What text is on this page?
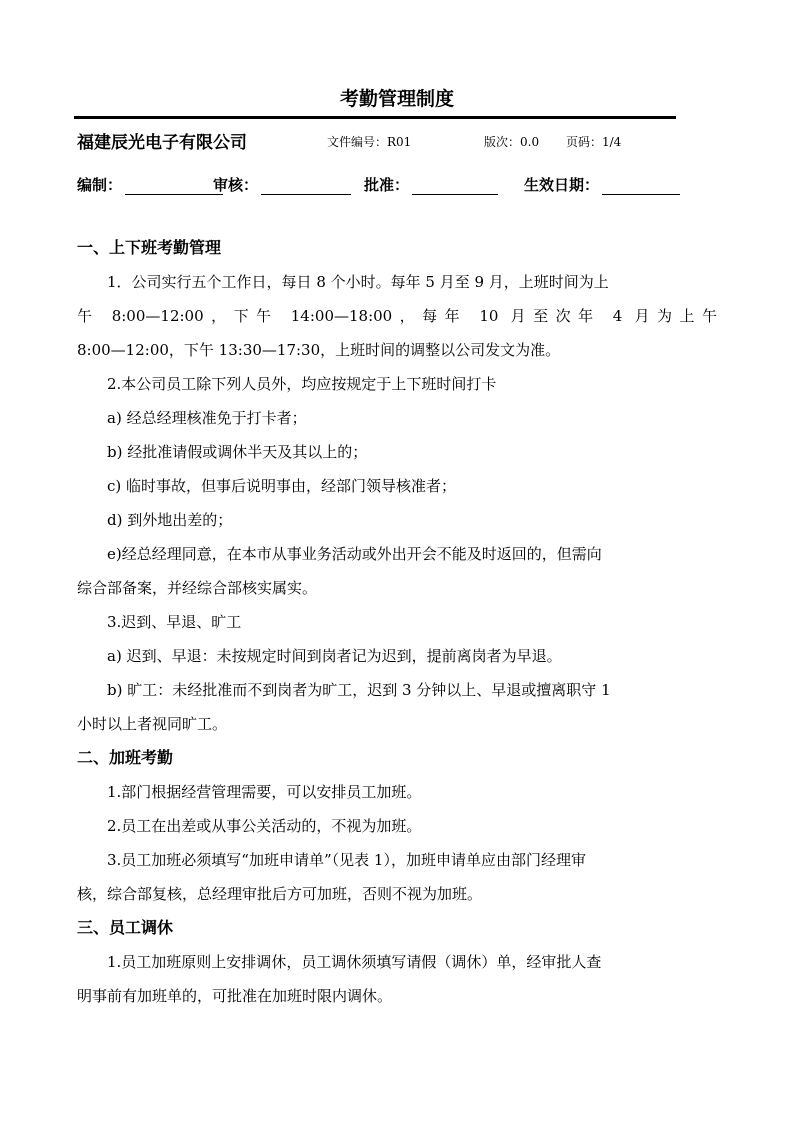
考勤管理制度
福建辰光电子有限公司	文件编号：R01	版次：0.0 页码：1/4
编制：	审核：	批准：	生效日期：

一、上下班考勤管理

1．公司实行五个工作日，每日 8 个小时。每年 5 月至 9 月，上班时间为上

午 8:00—12:00，下午 14:00—18:00，每年 10 月至次年 4 月为上午

8:00—12:00，下午 13:30—17:30，上班时间的调整以公司发文为准。

2.本公司员工除下列人员外，均应按规定于上下班时间打卡

a) 经总经理核准免于打卡者；

b) 经批准请假或调休半天及其以上的；

c) 临时事故，但事后说明事由，经部门领导核准者；

d) 到外地出差的；

e)经总经理同意，在本市从事业务活动或外出开会不能及时返回的，但需向

综合部备案，并经综合部核实属实。

3.迟到、早退、旷工

a) 迟到、早退：未按规定时间到岗者记为迟到，提前离岗者为早退。

b) 旷工：未经批准而不到岗者为旷工，迟到 3 分钟以上、早退或擅离职守 1

小时以上者视同旷工。

二、加班考勤

1.部门根据经营管理需要，可以安排员工加班。

2.员工在出差或从事公关活动的，不视为加班。

3.员工加班必须填写“加班申请单”（见表 1），加班申请单应由部门经理审

核，综合部复核，总经理审批后方可加班，否则不视为加班。

三、员工调休

1.员工加班原则上安排调休，员工调休须填写请假（调休）单，经审批人查

明事前有加班单的，可批准在加班时限内调休。
